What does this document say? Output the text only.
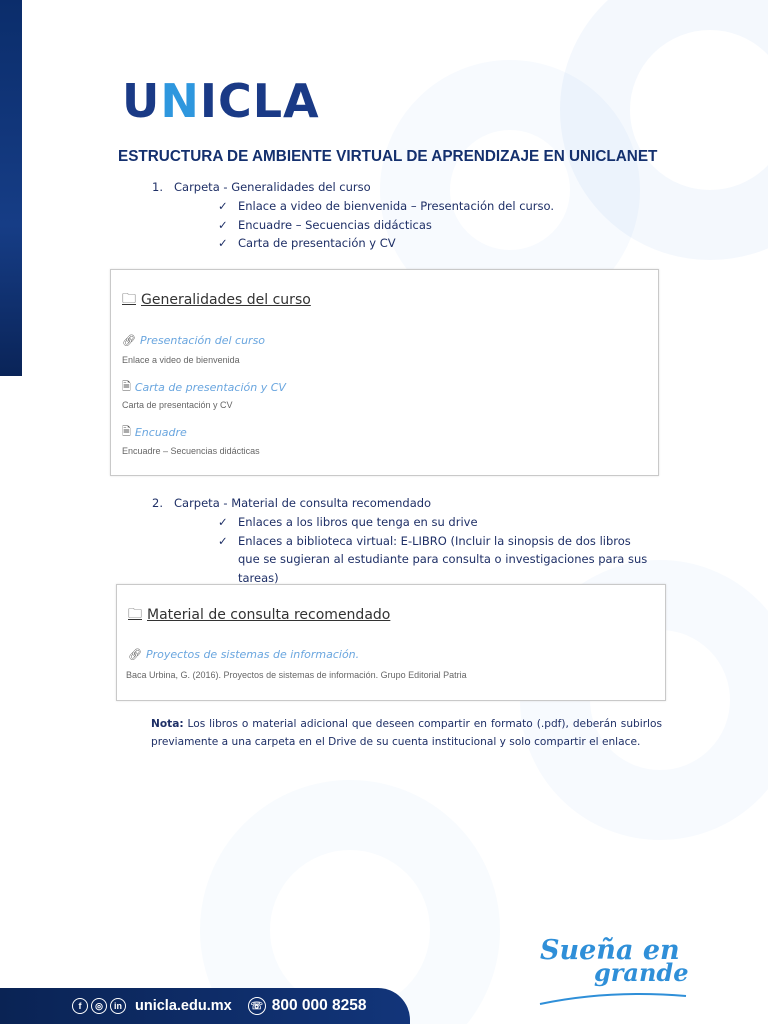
UNICLA
ESTRUCTURA DE AMBIENTE VIRTUAL DE APRENDIZAJE EN UNICLANET
1. Carpeta - Generalidades del curso
✓ Enlace a video de bienvenida – Presentación del curso.
✓ Encuadre – Secuencias didácticas
✓ Carta de presentación y CV
🗀 Generalidades del curso
🔗︎ Presentación del curso
Enlace a video de bienvenida
🗎 Carta de presentación y CV
Carta de presentación y CV
🗎 Encuadre
Encuadre – Secuencias didácticas
2. Carpeta - Material de consulta recomendado
✓ Enlaces a los libros que tenga en su drive
✓ Enlaces a biblioteca virtual: E-LIBRO (Incluir la sinopsis de dos libros que se sugieran al estudiante para consulta o investigaciones para sus tareas)
🗀 Material de consulta recomendado
🔗︎ Proyectos de sistemas de información.
Baca Urbina, G. (2016). Proyectos de sistemas de información. Grupo Editorial Patria
Nota: Los libros o material adicional que deseen compartir en formato (.pdf), deberán subirlos previamente a una carpeta en el Drive de su cuenta institucional y solo compartir el enlace.
Sueña en
grande
f	◎	in unicla.edu.mx ☏ 800 000 8258
